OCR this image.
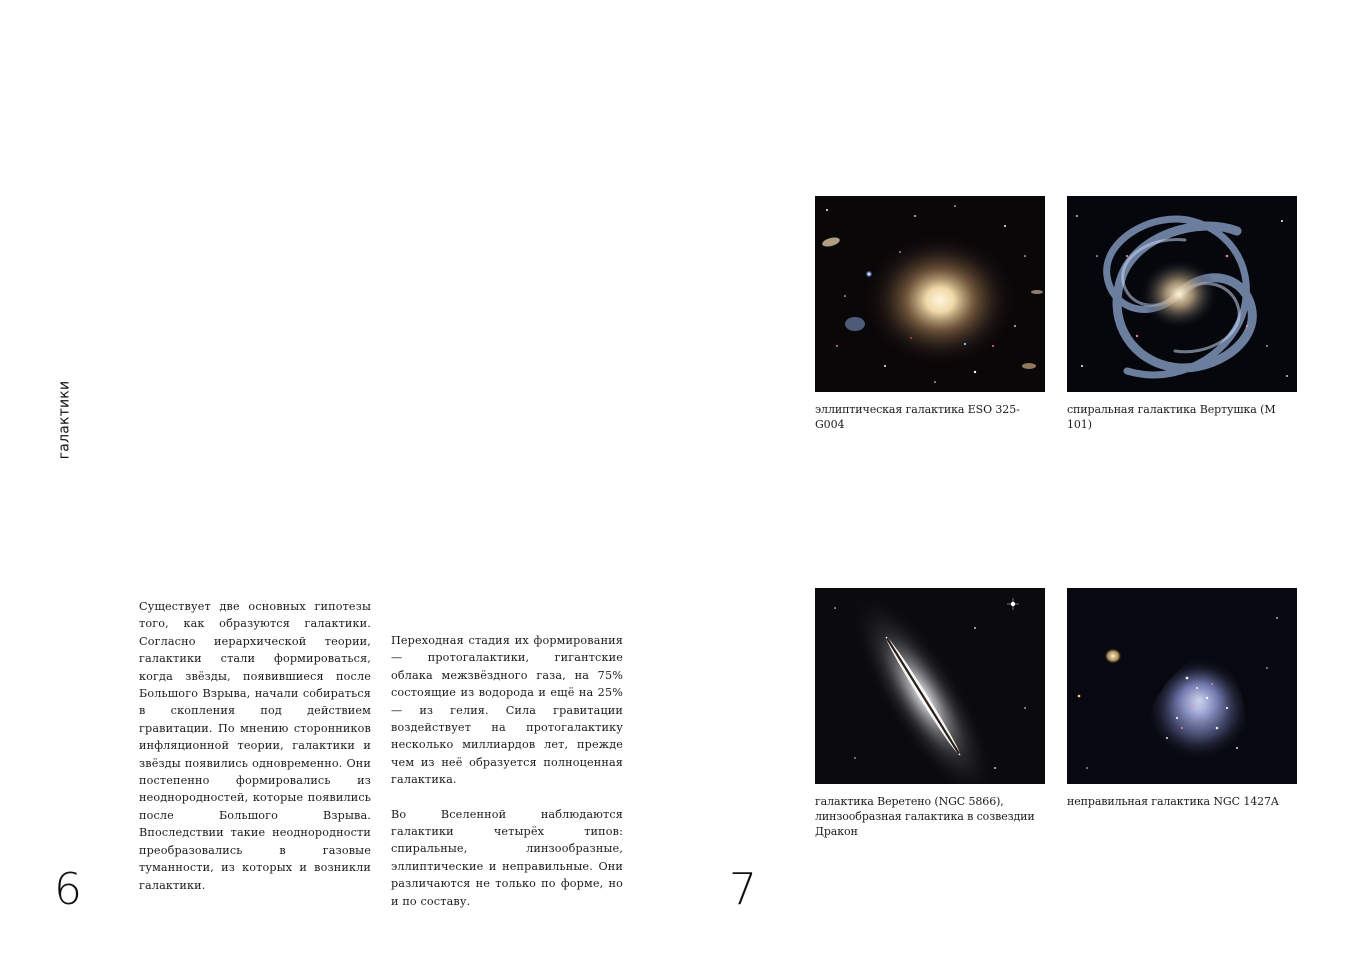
галактики

Существует две основных гипотезы того, как образуются галактики. Согласно иерархической теории, галактики стали формироваться, когда звёзды, появившиеся после Большого Взрыва, начали собираться в скопления под действием гравитации. По мнению сторонников инфляционной теории, галактики и звёзды появились одновременно. Они постепенно формировались из неоднородностей, которые появились после Большого Взрыва. Впоследствии такие неоднородности преобразовались в газовые туманности, из которых и возникли галактики.

Переходная стадия их формирования — протогалактики, гигантские облака межзвёздного газа, на 75% состоящие из водорода и ещё на 25% — из гелия. Сила гравитации воздействует на протогалактику несколько миллиардов лет, прежде чем из неё образуется полноценная галактика.

Во Вселенной наблюдаются галактики четырёх типов: спиральные, линзообразные, эллиптические и неправильные. Они различаются не только по форме, но и по составу.

6	7
эллиптическая галактика ESO 325-G004
спиральная галактика Вертушка (M 101)
галактика Веретено (NGC 5866), линзообразная галактика в созвездии Дракон
неправильная галактика NGC 1427A
